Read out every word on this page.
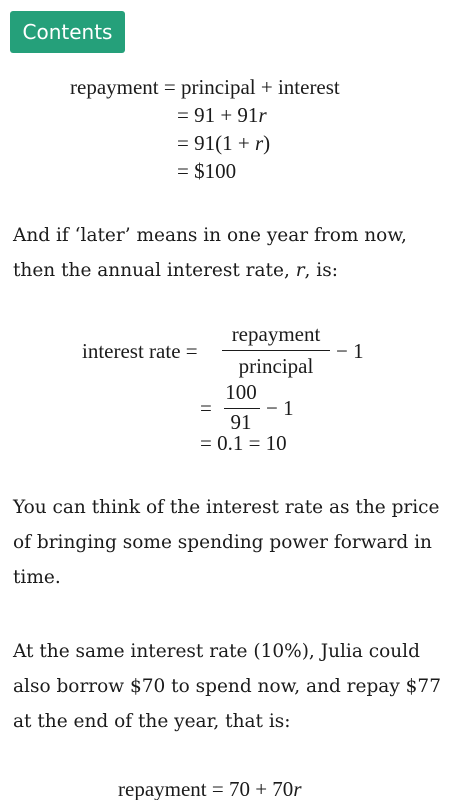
Contents
repayment = principal + interest
= 91 + 91r
= 91(1 + r)
= $100
And if ‘later’ means in one year from now, then the annual interest rate, r, is:
interest rate =
repayment
principal
− 1
=
100
91
− 1
= 0.1 = 10
You can think of the interest rate as the price of bringing some spending power forward in time.
At the same interest rate (10%), Julia could also borrow $70 to spend now, and repay $77 at the end of the year, that is:
repayment = 70 + 70r
